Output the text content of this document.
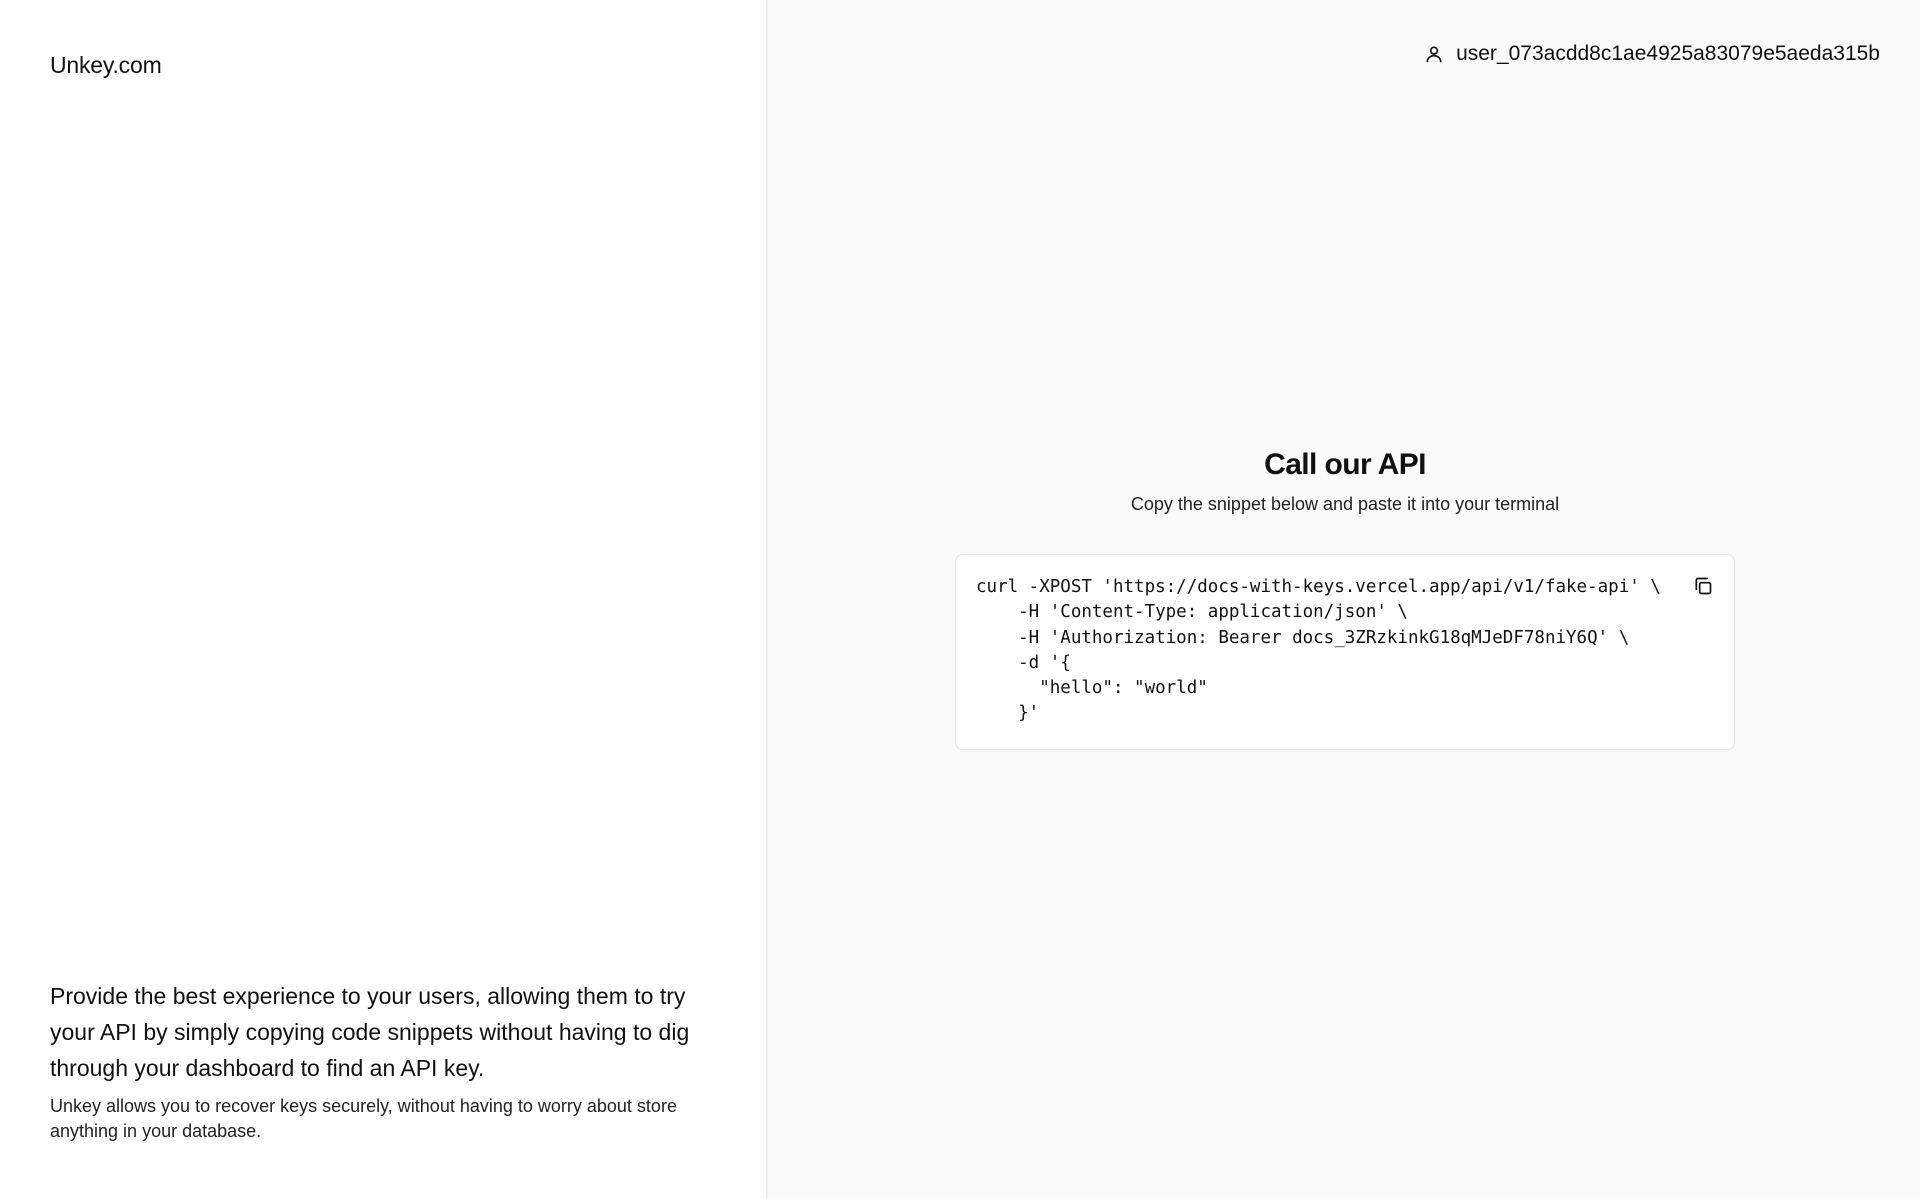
Unkey.com

Provide the best experience to your users, allowing them to try your API by simply copying code snippets without having to dig through your dashboard to find an API key.

Unkey allows you to recover keys securely, without having to worry about store anything in your database.

user_073acdd8c1ae4925a83079e5aeda315b
Call our API

Copy the snippet below and paste it into your terminal

curl -XPOST 'https://docs-with-keys.vercel.app/api/v1/fake-api' \
-H 'Content-Type: application/json' \
-H 'Authorization: Bearer docs_3ZRzkinkG18qMJeDF78niY6Q' \
-d '{
"hello": "world"
}'
